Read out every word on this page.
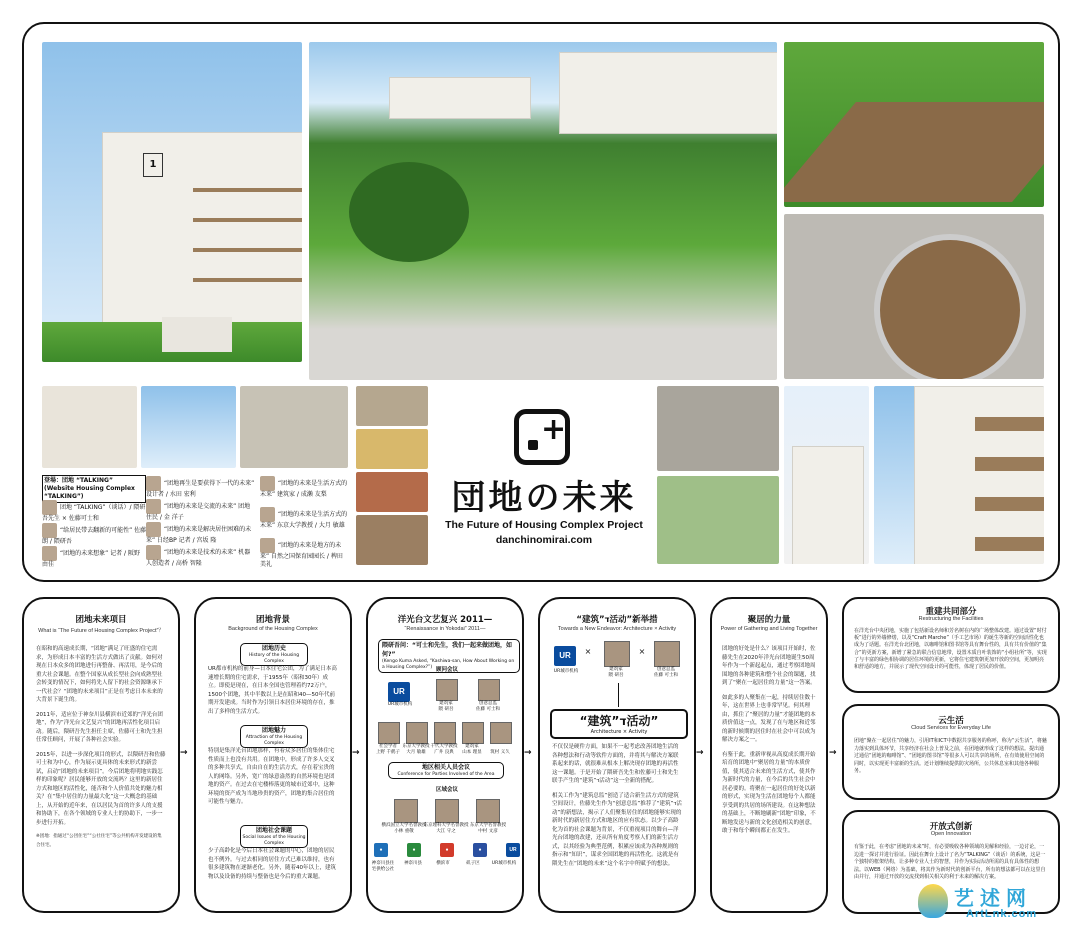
1
登場：団地 “TALKING” (Website Housing Complex “TALKING”)
团地 “TALKING”（谈话）/ 隈研吾先生 × 佐藤可士和
“给居民带去翻新的可能性” 佐藤朗 / 隈研吾
“团地的未来想象” 记者 / 阪野 由佳
“团地再生是要获得下一代的未来” 设计者 / 水田 宏利
“团地的未来是交流的未来” 团地住民 / 金 洋子
“团地的未来是解决居住困难的未来” 日经BP 记者 / 宫坂 隆
“团地的未来是技术的未来” 机器人创造者 / 高桥 智隆
“团地的未来是生活方式的未来” 建筑家 / 成濑 友梨
“团地的未来是生活方式的未来” 东京大学教授 / 大月 敏雄
“团地的未来是地方的未来” 自然之国保育园园长 / 稗田 美礼
+
団地の未来
The Future of Housing Complex Project
danchinomirai.com
团地未来项目
What is “The Future of Housing Complex Project”？

在昭和的高速成长期，“团地”满足了旺盛的住宅需求，为形成日本丰富的生活方式做出了贡献。如何对现在日本众多的团地进行再整备、再活用，是今后的重大社会课题。在整个国家从成长型社会向成熟型社会转变的情况下，如何将先人留下的社会资源继承下一代社会？“团地的未来项目”正是在考虑日本未来的大背景下诞生的。

2011年，适应位于神奈川县横滨市近郊的“洋光台团地”，作为“洋光台文艺复兴”的团地再活性化项目启动。随后，隈研吾先生担任主席，佐藤可士和先生担任常任顾问，开展了各种社会实验。

2015年，以进一步深化项目的形式，以隈研吾和佐藤可士和为中心，作为展示更具体的未来形式的新尝试，启动“团地的未来项目”。今后团地将明地实践怎样的印象呢？居民能够开放的交流吗？这里的新居住方式和地区的活性化，能否和个人价值共处的魅力相关？在“集中居住的力量最大化”这一大概念的基础上，从开始的近年来，在以居民为首的许多人的支援和协助下，在各个领域的专业人士的协助下，一步一步进行开拓。

※团地：指通过“公団住宅”“公社住宅”等公共机构开发建设的集合住宅。

→
团地背景
Background of the Housing Complex
团地历史
History of the Housing Complex
UR都市机构的前身—日本住宅公团，为了满足日本高速增长期的住宅需求，于1955年（昭和30年）成立。即使是现在，在日本全国也管理着约72万户，1500个团地，其中半数以上是在昭和40—50年代前期开发建成。当时作为引领日本居住环境的存在，推出了多样的生活方式。
团地魅力
Attraction of the Housing Complex
特别是集洋光台团地那样，有着众多居住的集体住宅性质而上也没有共用。在团地中，形成了许多人交叉的多种共享式，自由自在的生活方式，存在着宝贵的人的网络。另外，宽广的绿意盎然的自然环境也是团地的资产。在过去在宅楼棒落更的城市近郊中，这种环境的资产成为当地珍贵的资产，团地的集合居住的可能性与魅力。
团地社会课题
Social Issues of the Housing Complex
少子高龄化是今后日本社会课题的中心，团地的居民也不例外。与过去相同的居住方式已难以维持，也有很多建筑物在逐渐老化。另外，随着40年以上，建筑物以及设备的持续与整备也是今后的重大课题。
→
洋光台文艺复兴 2011—
“Renaissance in Yokodai” 2011—
隈研吾问：“可士和先生，我们一起来做团地，如何?”
(Kengo Kuma Asked, “Kashiwa-san, How About Working on a Housing Complex?”) 顾问会议
UR
UR城市机构	建筑家
隈 研吾
创意总监
佐藤 可士和
社会学者
上野 千鹤子
东京大学教授
大月 敏雄
千代大学教授
广井 良典
建筑家
山本 理显	筑村 义久
地区相关人员会议
Conference for Parties Involved of the Area
区域会议
横浜国立大学名誉教授
小林 重敬
东京理科大学名誉教授
大江 守之
东京大学名誉教授
中村 文彦
●	●	●	●	UR
神奈川县住宅供给公社
神奈川县	横滨市	矶子区	UR城市机构
→
“建筑”ד活动”新举措
Towards a New Endeavor: Architecture × Activity
UR
UR城市机构
×
建筑家
隈 研吾
×
创意总监
佐藤 可士和
“建筑”ד活动”
Architecture × Activity

不仅仅是硬件方面，如果不一起考虑改善团地生活的各种想法和行动等软件方面的，并将其与解决方案联系起来的话，就很难从根本上解决现存团地的再活性这一课题。于是开始了隈研吾先生和佐藤可士和先生联手产生的“建筑”ד活动”这一全新的搭配。

相关工作为“建筑总监”创造了适合新生活方式的建筑空间设计，佐藤先生作为“创意总监”推荐了“建筑”ד活动”的新想法，揭示了人们聚集居住的团地能够实现的新时代的新居住方式和地区的应有状态。以少子高龄化为首的社会课题为背景，不仅重视项目的舞台—洋光台团地的改建，还从所有角度考察人们的新生活方式，以其经验为典型范例，积累应该成为各种规则的指示和“知识”，谋求全国团地的再活性化。这就是有隈先生在“团地的未来”这个名字中所赋予的想法。

→
聚居的力量
Power of Gathering and Living Together

团地的好处是什么？该项目开始时，佐藤先生在2020年洋光台团地诞生50周年作为一个新起起点，通过考察团地周围地的各种建筑和整个社会的课题，找到了“聚在一起居住的力量”这一答案。

如此多的人聚集在一起，持续居住数十年，这在世界上也非常罕见。何其理由，抓住了“聚居的力量”才能团地的本质价值这一点，发现了在与地区和近邻的新时候期的居住时在社会中可以成为解决方案之一。

有鉴于此，重新审视从高度成长期开始培育的团地中“聚居的力量”的本质价值，使其适合未来的生活方式，使其作为新时代的力量，在今后的共生社会中居必要的。将聚在一起居住的好处以新的形式，实现为生活在团地每个人都能享受到的共居的场所建设。在这种想法的基础上，不断地刷新“团地”印象，不断地发送与新的文化创造相关的创意，敢于和每个瞬间都正在发生。

→
重建共同部分
Restructuring the Facilities
在洋光台中央团地，实施了包括新设名师和芳名树在内的广场整体改建。通过设置“时付板”进行的外墙修缮，以及“Craft Marche”（手工艺市场）的诞生等新的空间活性化也成为了话题。在洋光台北团地，以咖啡馆和图书馆等具有舞台性的，具有共有价值的“集合”的更新方案，新增了紧急的联合信息地带，设置木质自叶装饰的“小组社所”等，实现了与丰富的绿色相协调的居住环境的更新，它将住宅建筑朝更加开放的空间，更加明亮和舒适的地方，并展示了现代空间设计的可能性，体现了居民的价值。
云生活
Cloud Services for Everyday Life
团地“聚在一起居住”的魅力，引用IT和ICT中数据共享服务的称呼，称为“云生活”，将魅力落实到具体环节，共享经济在社会上普及之前，在团地就形成了这样的想法。提出通过通信“团地的咖啡馆”、“团地的图书馆”等很多人可以共享的场所，在有效使用空间的同时，以实现更丰富新的生活。还计划继续提供防灾场所，公共休息室和其他各种服务。
开放式创新
Open Innovation
有鉴于此，在考虑“团地的未来”时，有必要吸收各种领域的见解和经验，一边讨论，一边进一探讨并进行验证。因此在舞台上设计了名为“TALKING”（谈话）的系统，这是一个独特的框架结构，让多种专业人士的智慧，并作为实际活动所需的具有具体性的想法。以WEB（网络）为基础，将其作为新时代的创新平台，所有的想法都可以在这里自由并行，并通过开放的交流找到相关相关的利于未来的解决方案。
艺述网
ArtLnk.com
